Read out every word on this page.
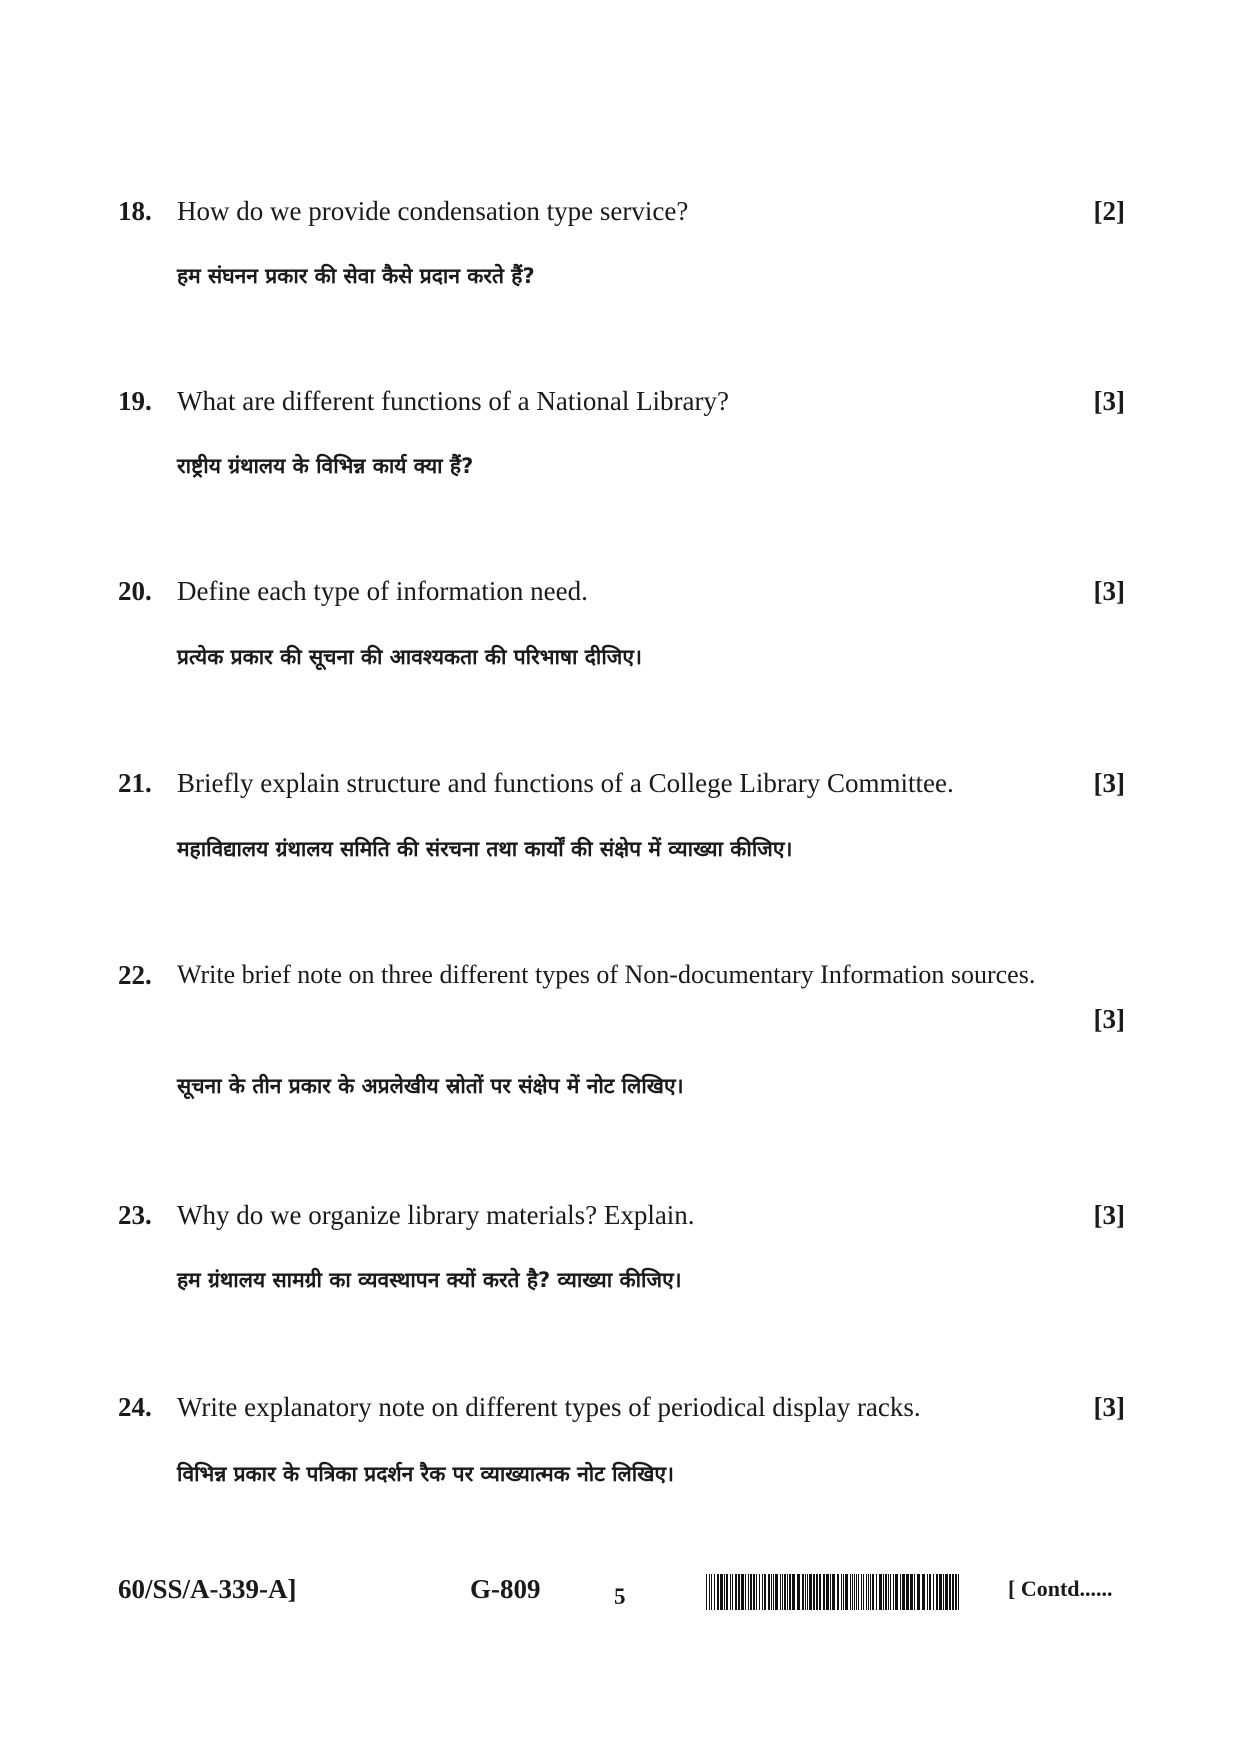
18. How do we provide condensation type service?	[2]
हम संघनन प्रकार की सेवा कैसे प्रदान करते हैं?
19. What are different functions of a National Library?	[3]
राष्ट्रीय ग्रंथालय के विभिन्न कार्य क्या हैं?
20. Define each type of information need.	[3]
प्रत्येक प्रकार की सूचना की आवश्यकता की परिभाषा दीजिए।
21. Briefly explain structure and functions of a College Library Committee.	[3]
महाविद्यालय ग्रंथालय समिति की संरचना तथा कार्यों की संक्षेप में व्याख्या कीजिए।
22. Write brief note on three different types of Non-documentary Information sources.
[3]
सूचना के तीन प्रकार के अप्रलेखीय स्रोतों पर संक्षेप में नोट लिखिए।
23. Why do we organize library materials? Explain.	[3]
हम ग्रंथालय सामग्री का व्यवस्थापन क्यों करते है? व्याख्या कीजिए।
24. Write explanatory note on different types of periodical display racks.	[3]
विभिन्न प्रकार के पत्रिका प्रदर्शन रैक पर व्याख्यात्मक नोट लिखिए।
60/SS/A-339-A]	G-809	5	[ Contd......
